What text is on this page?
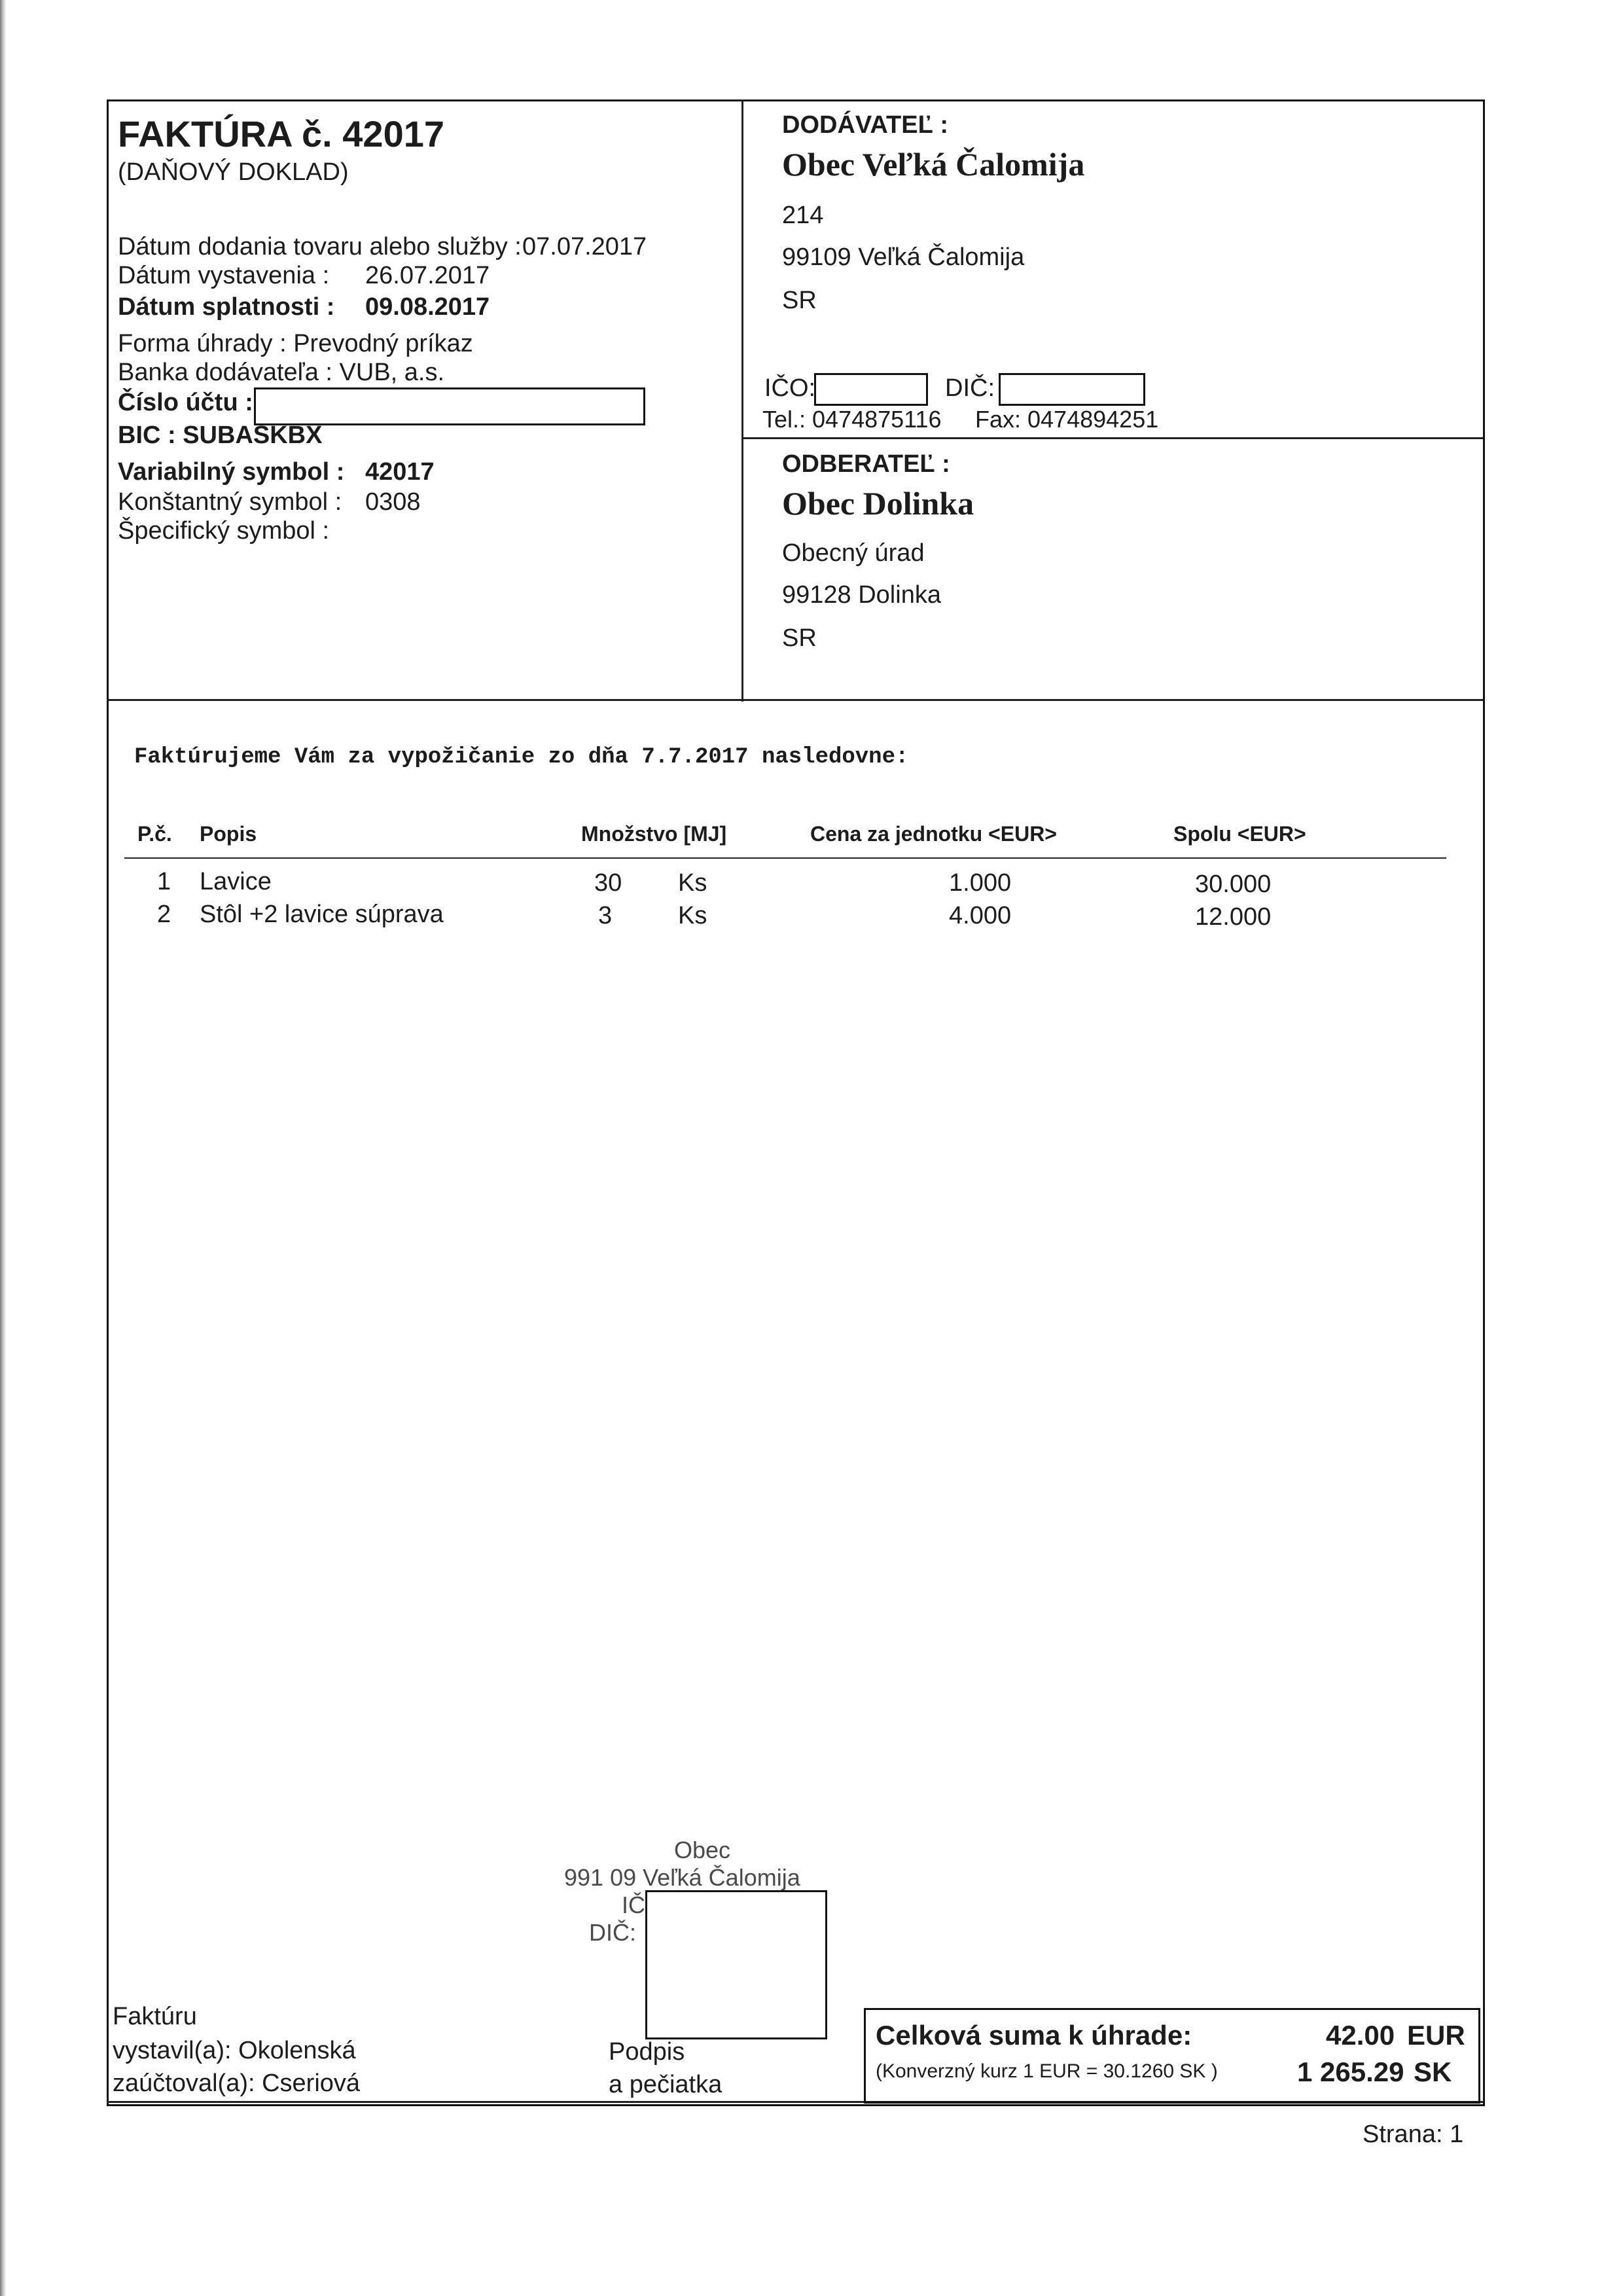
FAKTÚRA č. 42017
(DAŇOVÝ DOKLAD)
Dátum dodania tovaru alebo služby : 07.07.2017
Dátum vystavenia : 26.07.2017
Dátum splatnosti : 09.08.2017
Forma úhrady : Prevodný príkaz
Banka dodávateľa : VUB, a.s.
Číslo účtu :
BIC : SUBASKBX
Variabilný symbol : 42017
Konštantný symbol : 0308
Špecifický symbol :
DODÁVATEĽ :
Obec Veľká Čalomija
214
99109 Veľká Čalomija
SR
IČO:	DIČ:
Tel.: 0474875116 Fax: 0474894251
ODBERATEĽ :
Obec Dolinka
Obecný úrad
99128 Dolinka
SR
Faktúrujeme Vám za vypožičanie zo dňa 7.7.2017 nasledovne:
P.č. Popis	Množstvo [MJ]	Cena za jednotku <EUR>	Spolu <EUR>
1 Lavice	30 Ks	1.000	30.000
2 Stôl +2 lavice súprava	3	Ks	4.000	12.000
Obec
991 09 Veľká Čalomija
IČ
DIČ:
Faktúru
vystavil(a): Okolenská
zaúčtoval(a): Cseriová
Podpis
a pečiatka
Celková suma k úhrade:	42.00 EUR
(Konverzný kurz 1 EUR = 30.1260 SK )	1 265.29 SK
Strana: 1
